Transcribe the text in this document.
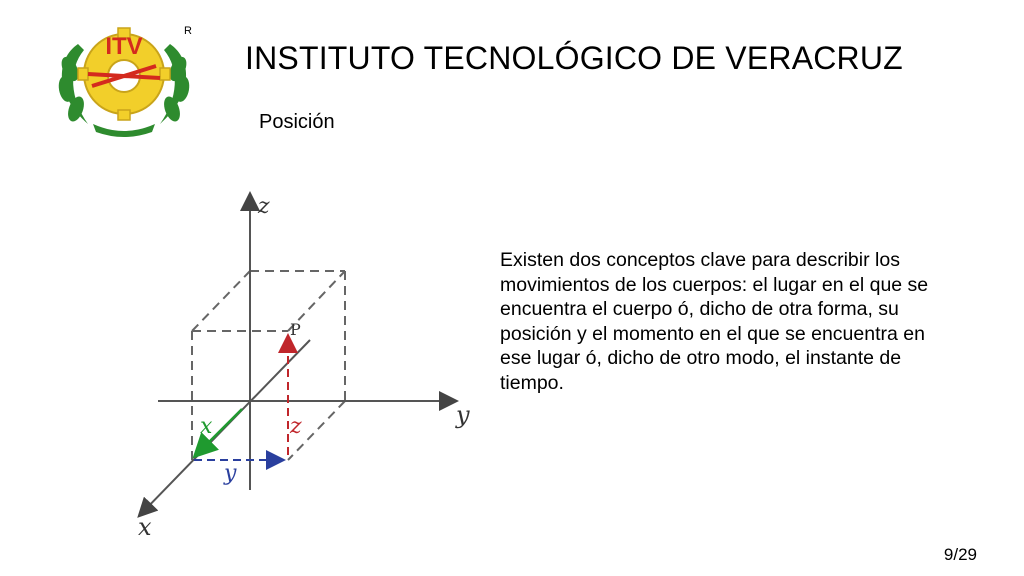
ITV
R
INSTITUTO TECNOLÓGICO DE VERACRUZ
Posición
z
y
x
P
x
y
z
Existen dos conceptos clave para describir los movimientos de los cuerpos: el lugar en el que se encuentra el cuerpo ó, dicho de otra forma, su posición y el momento en el que se encuentra en ese lugar ó, dicho de otro modo, el instante de tiempo.
9/29
